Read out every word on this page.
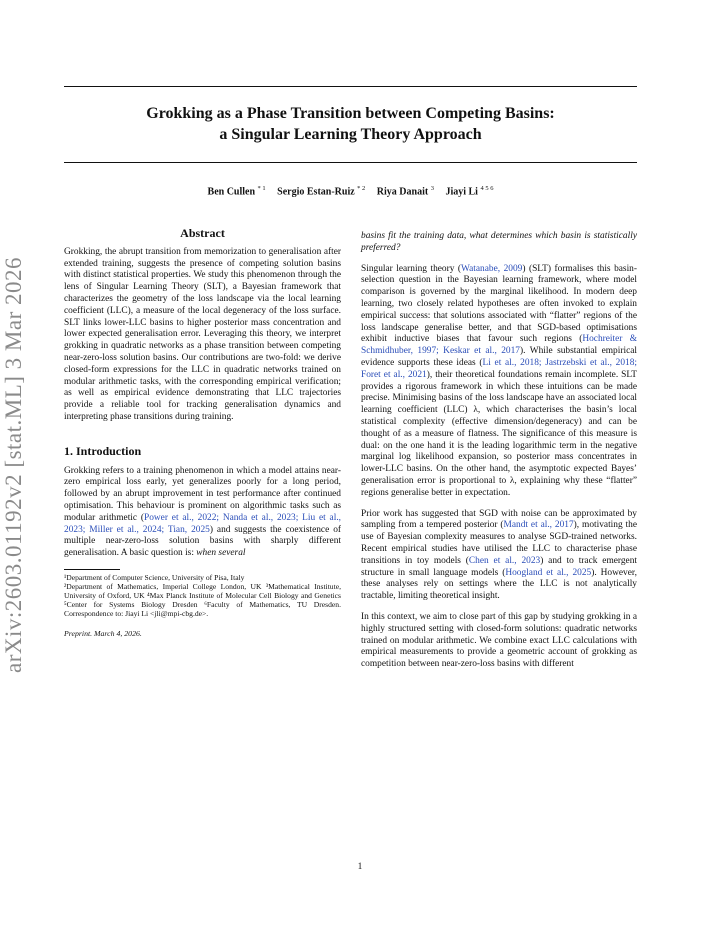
arXiv:2603.01192v2 [stat.ML] 3 Mar 2026
Grokking as a Phase Transition between Competing Basins:
a Singular Learning Theory Approach
Ben Cullen $^{* 1}$ Sergio Estan-Ruiz $^{* 2}$ Riya Danait $^3$ Jiayi Li $^{4 5 6}$
Abstract

Grokking, the abrupt transition from memorization to generalisation after extended training, suggests the presence of competing solution basins with distinct statistical properties. We study this phenomenon through the lens of Singular Learning Theory (SLT), a Bayesian framework that characterizes the geometry of the loss landscape via the local learning coefficient (LLC), a measure of the local degeneracy of the loss surface. SLT links lower-LLC basins to higher posterior mass concentration and lower expected generalisation error. Leveraging this theory, we interpret grokking in quadratic networks as a phase transition between competing near-zero-loss solution basins. Our contributions are two-fold: we derive closed-form expressions for the LLC in quadratic networks trained on modular arithmetic tasks, with the corresponding empirical verification; as well as empirical evidence demonstrating that LLC trajectories provide a reliable tool for tracking generalisation dynamics and interpreting phase transitions during training.

1. Introduction

Grokking refers to a training phenomenon in which a model attains near-zero empirical loss early, yet generalizes poorly for a long period, followed by an abrupt improvement in test performance after continued optimisation. This behaviour is prominent on algorithmic tasks such as modular arithmetic (Power et al., 2022; Nanda et al., 2023; Liu et al., 2023; Miller et al., 2024; Tian, 2025) and suggests the coexistence of multiple near-zero-loss solution basins with sharply different generalisation. A basic question is: when several

¹Department of Computer Science, University of Pisa, Italy
²Department of Mathematics, Imperial College London, UK ³Mathematical Institute, University of Oxford, UK ⁴Max Planck Institute of Molecular Cell Biology and Genetics ⁵Center for Systems Biology Dresden ⁶Faculty of Mathematics, TU Dresden. Correspondence to: Jiayi Li <jli@mpi-cbg.de>.
Preprint. March 4, 2026.

basins fit the training data, what determines which basin is statistically preferred?

Singular learning theory (Watanabe, 2009) (SLT) formalises this basin-selection question in the Bayesian learning framework, where model comparison is governed by the marginal likelihood. In modern deep learning, two closely related hypotheses are often invoked to explain empirical success: that solutions associated with “flatter” regions of the loss landscape generalise better, and that SGD-based optimisations exhibit inductive biases that favour such regions (Hochreiter & Schmidhuber, 1997; Keskar et al., 2017). While substantial empirical evidence supports these ideas (Li et al., 2018; Jastrzebski et al., 2018; Foret et al., 2021), their theoretical foundations remain incomplete. SLT provides a rigorous framework in which these intuitions can be made precise. Minimising basins of the loss landscape have an associated local learning coefficient (LLC) λ, which characterises the basin’s local statistical complexity (effective dimension/degeneracy) and can be thought of as a measure of flatness. The significance of this measure is dual: on the one hand it is the leading logarithmic term in the negative marginal log likelihood expansion, so posterior mass concentrates in lower-LLC basins. On the other hand, the asymptotic expected Bayes’ generalisation error is proportional to λ, explaining why these “flatter” regions generalise better in expectation.

Prior work has suggested that SGD with noise can be approximated by sampling from a tempered posterior (Mandt et al., 2017), motivating the use of Bayesian complexity measures to analyse SGD-trained networks. Recent empirical studies have utilised the LLC to characterise phase transitions in toy models (Chen et al., 2023) and to track emergent structure in small language models (Hoogland et al., 2025). However, these analyses rely on settings where the LLC is not analytically tractable, limiting theoretical insight.

In this context, we aim to close part of this gap by studying grokking in a highly structured setting with closed-form solutions: quadratic networks trained on modular arithmetic. We combine exact LLC calculations with empirical measurements to provide a geometric account of grokking as competition between near-zero-loss basins with different

1
